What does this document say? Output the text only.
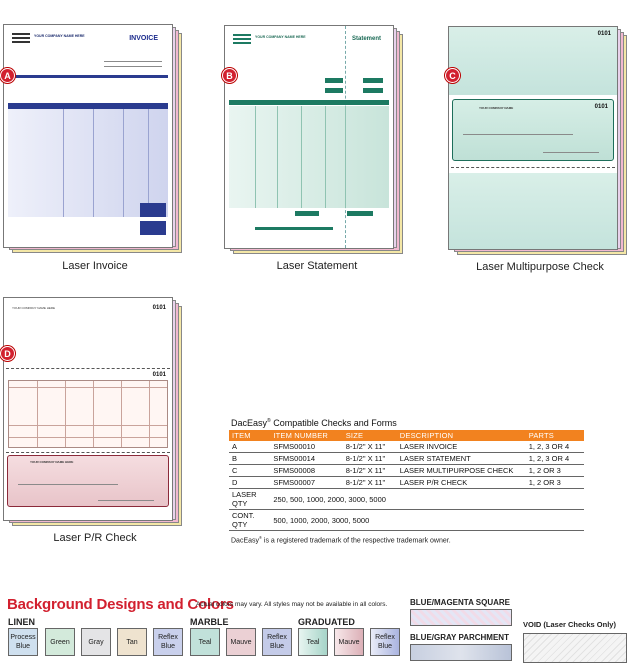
YOUR COMPANY NAME HERE	INVOICE
A
Laser Invoice
YOUR COMPANY NAME HERE	Statement
B
Laser Statement
0101
YOUR COMPANY NAME	0101
C
Laser Multipurpose Check
YOUR COMPANY NAME HERE	0101
0101
YOUR COMPANY NAME HERE
D
Laser P/R Check
DacEasy® Compatible Checks and Forms
ITEM	ITEM NUMBER	SIZE	DESCRIPTION	PARTS
A	SFMS00010	8-1/2" X 11"	LASER INVOICE	1, 2, 3 OR 4
B	SFMS00014	8-1/2" X 11"	LASER STATEMENT	1, 2, 3 OR 4
C	SFMS00008	8-1/2" X 11"	LASER MULTIPURPOSE CHECK	1, 2 OR 3
D	SFMS00007	8-1/2" X 11"	LASER P/R CHECK	1, 2 OR 3
LASER QTY	250, 500, 1000, 2000, 3000, 5000			
CONT. QTY	500, 1000, 2000, 3000, 5000			
DacEasy® is a registered trademark of the respective trademark owner.
Background Designs and Colors
Actual colors may vary. All styles may not be available in all colors.
LINEN
Process Blue
Green	Gray	Tan
Reflex Blue
MARBLE
Teal	Mauve
Reflex Blue
GRADUATED
Teal	Mauve
Reflex Blue
BLUE/MAGENTA SQUARE
BLUE/GRAY PARCHMENT
VOID (Laser Checks Only)
